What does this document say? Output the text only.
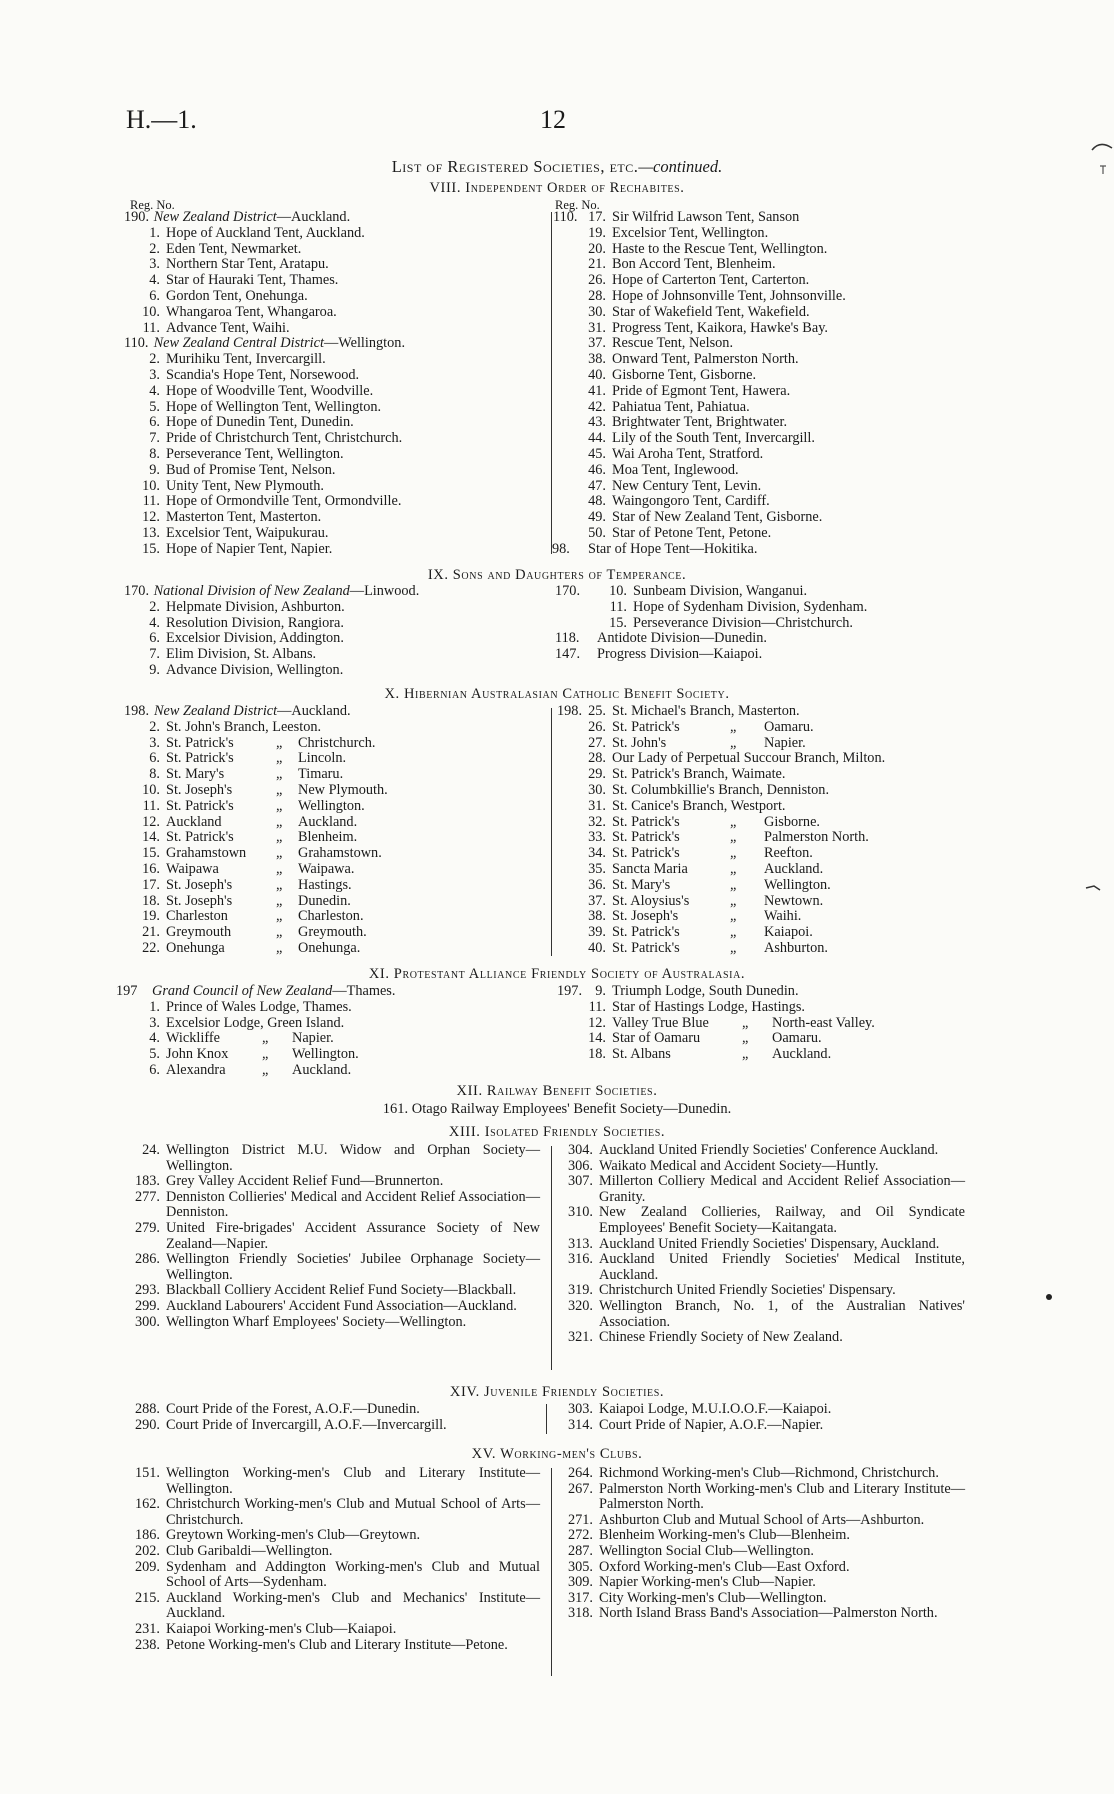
H.—1.	12
List of Registered Societies, etc.—continued.
VIII. Independent Order of Rechabites.
Reg. No.	Reg. No.
190. New Zealand District—Auckland.
1. Hope of Auckland Tent, Auckland.
2. Eden Tent, Newmarket.
3. Northern Star Tent, Aratapu.
4. Star of Hauraki Tent, Thames.
6. Gordon Tent, Onehunga.
10. Whangaroa Tent, Whangaroa.
11. Advance Tent, Waihi.
110. New Zealand Central District—Wellington.
2. Murihiku Tent, Invercargill.
3. Scandia's Hope Tent, Norsewood.
4. Hope of Woodville Tent, Woodville.
5. Hope of Wellington Tent, Wellington.
6. Hope of Dunedin Tent, Dunedin.
7. Pride of Christchurch Tent, Christchurch.
8. Perseverance Tent, Wellington.
9. Bud of Promise Tent, Nelson.
10. Unity Tent, New Plymouth.
11. Hope of Ormondville Tent, Ormondville.
12. Masterton Tent, Masterton.
13. Excelsior Tent, Waipukurau.
15. Hope of Napier Tent, Napier.
110. 17. Sir Wilfrid Lawson Tent, Sanson
19. Excelsior Tent, Wellington.
20. Haste to the Rescue Tent, Wellington.
21. Bon Accord Tent, Blenheim.
26. Hope of Carterton Tent, Carterton.
28. Hope of Johnsonville Tent, Johnsonville.
30. Star of Wakefield Tent, Wakefield.
31. Progress Tent, Kaikora, Hawke's Bay.
37. Rescue Tent, Nelson.
38. Onward Tent, Palmerston North.
40. Gisborne Tent, Gisborne.
41. Pride of Egmont Tent, Hawera.
42. Pahiatua Tent, Pahiatua.
43. Brightwater Tent, Brightwater.
44. Lily of the South Tent, Invercargill.
45. Wai Aroha Tent, Stratford.
46. Moa Tent, Inglewood.
47. New Century Tent, Levin.
48. Waingongoro Tent, Cardiff.
49. Star of New Zealand Tent, Gisborne.
50. Star of Petone Tent, Petone.
98. Star of Hope Tent—Hokitika.
IX. Sons and Daughters of Temperance.
170. National Division of New Zealand—Linwood.
2. Helpmate Division, Ashburton.
4. Resolution Division, Rangiora.
6. Excelsior Division, Addington.
7. Elim Division, St. Albans.
9. Advance Division, Wellington.
170. 10. Sunbeam Division, Wanganui.
11. Hope of Sydenham Division, Sydenham.
15. Perseverance Division—Christchurch.
118. Antidote Division—Dunedin.
147. Progress Division—Kaiapoi.
X. Hibernian Australasian Catholic Benefit Society.
198. New Zealand District—Auckland.
2. St. John's Branch, Leeston.
3. St. Patrick's	„ Christchurch.
6. St. Patrick's	„ Lincoln.
8. St. Mary's	„ Timaru.
10. St. Joseph's	„ New Plymouth.
11. St. Patrick's	„ Wellington.
12. Auckland	„ Auckland.
14. St. Patrick's	„ Blenheim.
15. Grahamstown „ Grahamstown.
16. Waipawa	„ Waipawa.
17. St. Joseph's	„ Hastings.
18. St. Joseph's	„ Dunedin.
19. Charleston	„ Charleston.
21. Greymouth	„ Greymouth.
22. Onehunga	„ Onehunga.
198. 25. St. Michael's Branch, Masterton.
26. St. Patrick's	„ Oamaru.
27. St. John's	„ Napier.
28. Our Lady of Perpetual Succour Branch, Milton.
29. St. Patrick's Branch, Waimate.
30. St. Columbkillie's Branch, Denniston.
31. St. Canice's Branch, Westport.
32. St. Patrick's	„ Gisborne.
33. St. Patrick's	„ Palmerston North.
34. St. Patrick's	„ Reefton.
35. Sancta Maria	„ Auckland.
36. St. Mary's	„ Wellington.
37. St. Aloysius's	„ Newtown.
38. St. Joseph's	„ Waihi.
39. St. Patrick's	„ Kaiapoi.
40. St. Patrick's	„ Ashburton.
XI. Protestant Alliance Friendly Society of Australasia.
197 Grand Council of New Zealand—Thames.
1. Prince of Wales Lodge, Thames.
3. Excelsior Lodge, Green Island.
4. Wickliffe	„ Napier.
5. John Knox „ Wellington.
6. Alexandra	„ Auckland.
197. 9. Triumph Lodge, South Dunedin.
11. Star of Hastings Lodge, Hastings.
12. Valley True Blue „ North-east Valley.
14. Star of Oamaru	„ Oamaru.
18. St. Albans	„ Auckland.
XII. Railway Benefit Societies.
161. Otago Railway Employees' Benefit Society—Dunedin.
XIII. Isolated Friendly Societies.
24. Wellington District M.U. Widow and Orphan Society—Wellington.
183. Grey Valley Accident Relief Fund—Brunnerton.
277. Denniston Collieries' Medical and Accident Relief Association—Denniston.
279. United Fire-brigades' Accident Assurance Society of New Zealand—Napier.
286. Wellington Friendly Societies' Jubilee Orphanage Society—Wellington.
293. Blackball Colliery Accident Relief Fund Society—Blackball.
299. Auckland Labourers' Accident Fund Association—Auckland.
300. Wellington Wharf Employees' Society—Wellington.
304. Auckland United Friendly Societies' Conference Auckland.
306. Waikato Medical and Accident Society—Huntly.
307. Millerton Colliery Medical and Accident Relief Association—Granity.
310. New Zealand Collieries, Railway, and Oil Syndicate Employees' Benefit Society—Kaitangata.
313. Auckland United Friendly Societies' Dispensary, Auckland.
316. Auckland United Friendly Societies' Medical Institute, Auckland.
319. Christchurch United Friendly Societies' Dispensary.
320. Wellington Branch, No. 1, of the Australian Natives' Association.
321. Chinese Friendly Society of New Zealand.
XIV. Juvenile Friendly Societies.
288. Court Pride of the Forest, A.O.F.—Dunedin.
290. Court Pride of Invercargill, A.O.F.—Invercargill.
303. Kaiapoi Lodge, M.U.I.O.O.F.—Kaiapoi.
314. Court Pride of Napier, A.O.F.—Napier.
XV. Working-men's Clubs.
151. Wellington Working-men's Club and Literary Institute—Wellington.
162. Christchurch Working-men's Club and Mutual School of Arts—Christchurch.
186. Greytown Working-men's Club—Greytown.
202. Club Garibaldi—Wellington.
209. Sydenham and Addington Working-men's Club and Mutual School of Arts—Sydenham.
215. Auckland Working-men's Club and Mechanics' Institute—Auckland.
231. Kaiapoi Working-men's Club—Kaiapoi.
238. Petone Working-men's Club and Literary Institute—Petone.
264. Richmond Working-men's Club—Richmond, Christchurch.
267. Palmerston North Working-men's Club and Literary Institute—Palmerston North.
271. Ashburton Club and Mutual School of Arts—Ashburton.
272. Blenheim Working-men's Club—Blenheim.
287. Wellington Social Club—Wellington.
305. Oxford Working-men's Club—East Oxford.
309. Napier Working-men's Club—Napier.
317. City Working-men's Club—Wellington.
318. North Island Brass Band's Association—Palmerston North.
